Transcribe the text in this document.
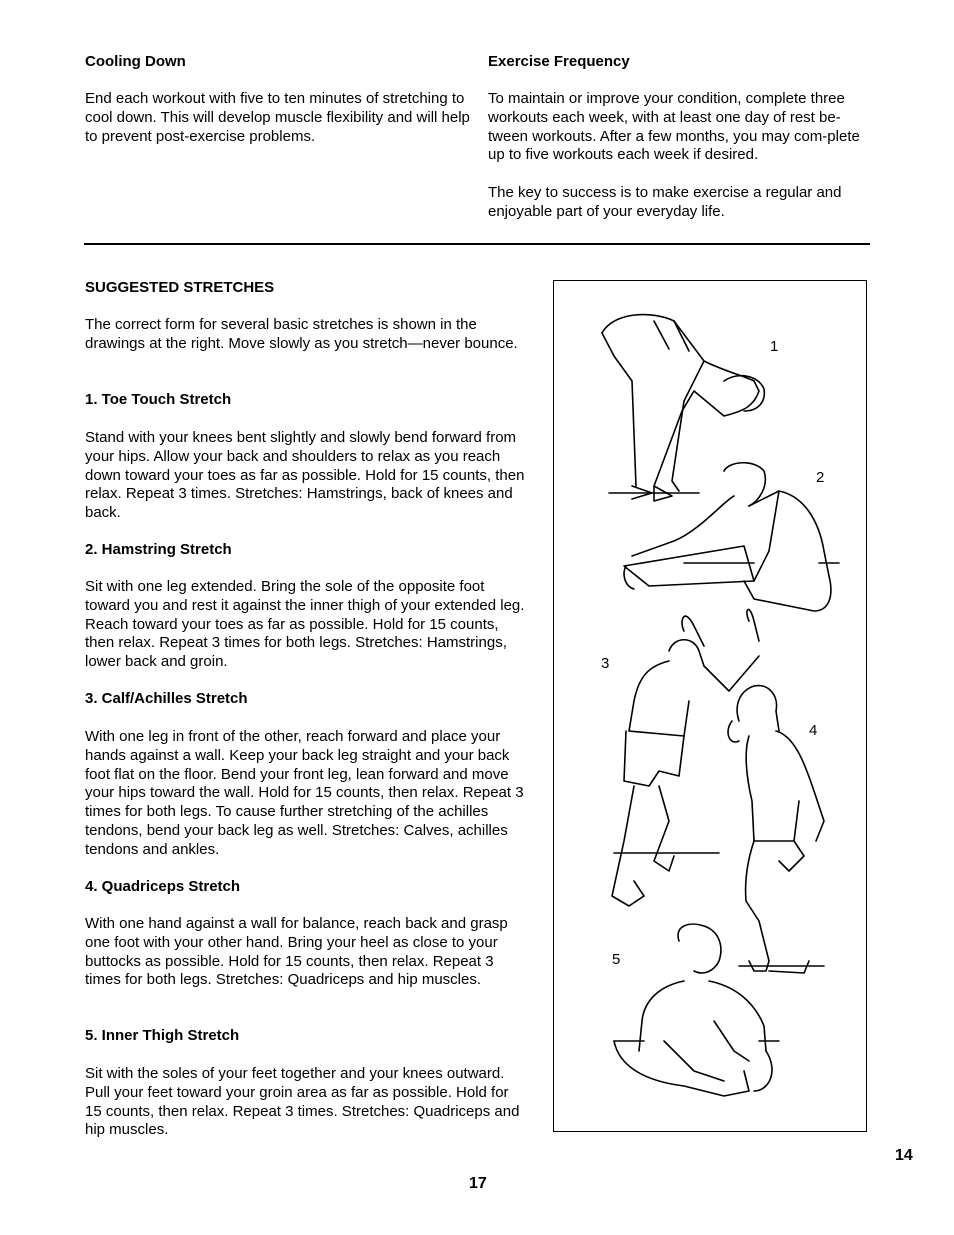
Cooling Down

End each workout with five to ten minutes of stretching to cool down. This will develop muscle flexibility and will help to prevent post-exercise problems.

Exercise Frequency

To maintain or improve your condition, complete three workouts each week, with at least one day of rest be-tween workouts. After a few months, you may com-plete up to five workouts each week if desired.

The key to success is to make exercise a regular and enjoyable part of your everyday life.

SUGGESTED STRETCHES

The correct form for several basic stretches is shown in the drawings at the right. Move slowly as you stretch—never bounce.

1. Toe Touch Stretch

Stand with your knees bent slightly and slowly bend forward from your hips. Allow your back and shoulders to relax as you reach down toward your toes as far as possible. Hold for 15 counts, then relax. Repeat 3 times. Stretches: Hamstrings, back of knees and back.

2. Hamstring Stretch

Sit with one leg extended. Bring the sole of the opposite foot toward you and rest it against the inner thigh of your extended leg. Reach toward your toes as far as possible. Hold for 15 counts, then relax. Repeat 3 times for both legs. Stretches: Hamstrings, lower back and groin.

3. Calf/Achilles Stretch

With one leg in front of the other, reach forward and place your hands against a wall. Keep your back leg straight and your back foot flat on the floor. Bend your front leg, lean forward and move your hips toward the wall. Hold for 15 counts, then relax. Repeat 3 times for both legs. To cause further stretching of the achilles tendons, bend your back leg as well. Stretches: Calves, achilles tendons and ankles.

4. Quadriceps Stretch

With one hand against a wall for balance, reach back and grasp one foot with your other hand. Bring your heel as close to your buttocks as possible. Hold for 15 counts, then relax. Repeat 3 times for both legs. Stretches: Quadriceps and hip muscles.

5. Inner Thigh Stretch

Sit with the soles of your feet together and your knees outward. Pull your feet toward your groin area as far as possible. Hold for 15 counts, then relax. Repeat 3 times. Stretches: Quadriceps and hip muscles.

1
2
3
4
5
14
17
